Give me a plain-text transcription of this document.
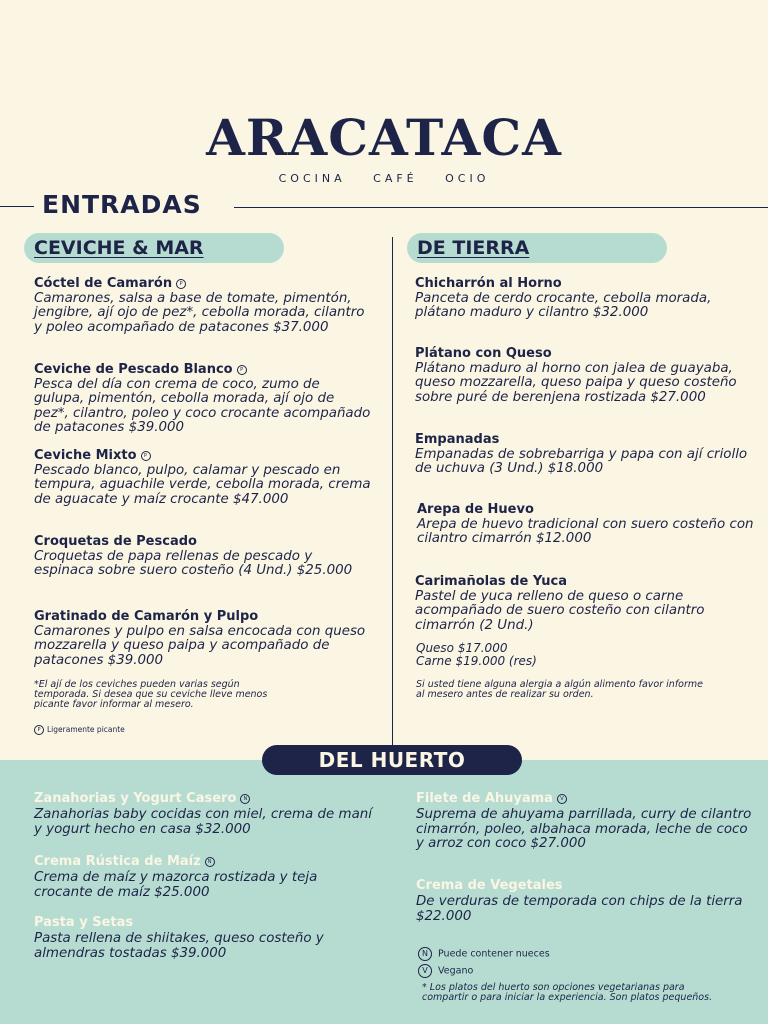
ARACATACA
COCINA	CAFÉ	OCIO
ENTRADAS
CEVICHE & MAR	DE TIERRA
Cóctel de Camarón P
Camarones, salsa a base de tomate, pimentón, jengibre, ají ojo de pez*, cebolla morada, cilantro y poleo acompañado de patacones $37.000
Ceviche de Pescado Blanco P
Pesca del día con crema de coco, zumo de gulupa, pimentón, cebolla morada, ají ojo de pez*, cilantro, poleo y coco crocante acompañado de patacones $39.000
Ceviche Mixto P
Pescado blanco, pulpo, calamar y pescado en tempura, aguachile verde, cebolla morada, crema de aguacate y maíz crocante $47.000
Croquetas de Pescado
Croquetas de papa rellenas de pescado y espinaca sobre suero costeño (4 Und.) $25.000
Gratinado de Camarón y Pulpo
Camarones y pulpo en salsa encocada con queso mozzarella y queso paipa y acompañado de patacones $39.000
*El ají de los ceviches pueden varias según temporada. Si desea que su ceviche lleve menos picante favor informar al mesero.
P Ligeramente picante
Chicharrón al Horno
Panceta de cerdo crocante, cebolla morada, plátano maduro y cilantro $32.000
Plátano con Queso
Plátano maduro al horno con jalea de guayaba, queso mozzarella, queso paipa y queso costeño sobre puré de berenjena rostizada $27.000
Empanadas
Empanadas de sobrebarriga y papa con ají criollo de uchuva (3 Und.) $18.000
Arepa de Huevo
Arepa de huevo tradicional con suero costeño con cilantro cimarrón $12.000
Carimañolas de Yuca
Pastel de yuca relleno de queso o carne acompañado de suero costeño con cilantro cimarrón (2 Und.)
Queso $17.000
Carne $19.000 (res)
Si usted tiene alguna alergia a algún alimento favor informe al mesero antes de realizar su orden.
DEL HUERTO
Zanahorias y Yogurt Casero N
Zanahorias baby cocidas con miel, crema de maní y yogurt hecho en casa $32.000
Crema Rústica de Maíz N
Crema de maíz y mazorca rostizada y teja crocante de maíz $25.000
Pasta y Setas
Pasta rellena de shiitakes, queso costeño y almendras tostadas $39.000
Filete de Ahuyama V
Suprema de ahuyama parrillada, curry de cilantro cimarrón, poleo, albahaca morada, leche de coco y arroz con coco $27.000
Crema de Vegetales
De verduras de temporada con chips de la tierra $22.000
N Puede contener nueces
V Vegano
* Los platos del huerto son opciones vegetarianas para compartir o para iniciar la experiencia. Son platos pequeños.
